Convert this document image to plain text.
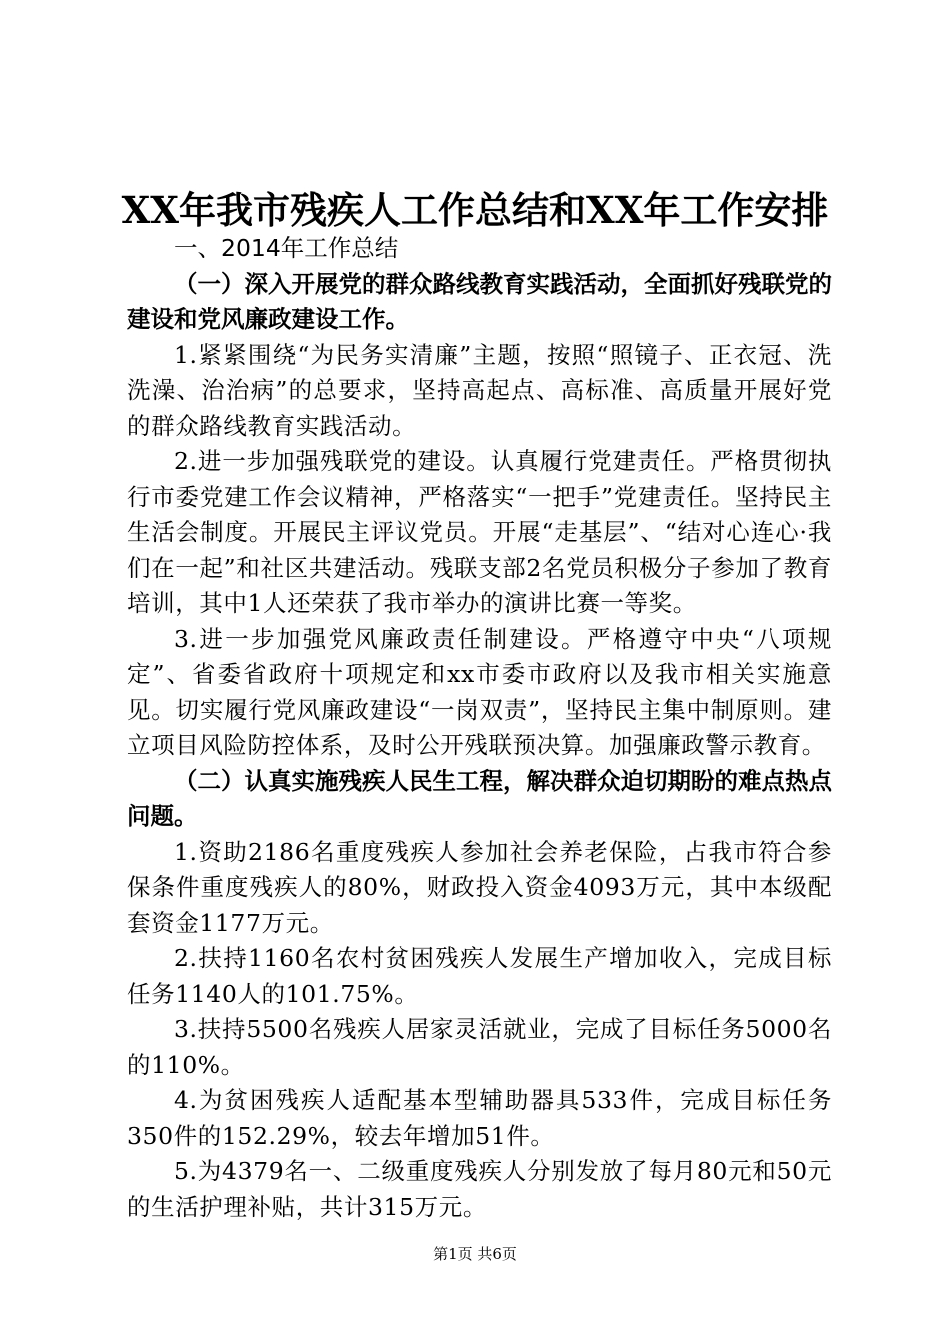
XX年我市残疾人工作总结和XX年工作安排

一、2014年工作总结

（一）深入开展党的群众路线教育实践活动，全面抓好残联党的建设和党风廉政建设工作。

1.紧紧围绕“为民务实清廉”主题，按照“照镜子、正衣冠、洗洗澡、治治病”的总要求，坚持高起点、高标准、高质量开展好党的群众路线教育实践活动。

2.进一步加强残联党的建设。认真履行党建责任。严格贯彻执行市委党建工作会议精神，严格落实“一把手”党建责任。坚持民主生活会制度。开展民主评议党员。开展“走基层”、“结对心连心·我们在一起”和社区共建活动。残联支部2名党员积极分子参加了教育培训，其中1人还荣获了我市举办的演讲比赛一等奖。

3.进一步加强党风廉政责任制建设。严格遵守中央“八项规定”、省委省政府十项规定和xx市委市政府以及我市相关实施意见。切实履行党风廉政建设“一岗双责”，坚持民主集中制原则。建立项目风险防控体系，及时公开残联预决算。加强廉政警示教育。

（二）认真实施残疾人民生工程，解决群众迫切期盼的难点热点问题。

1.资助2186名重度残疾人参加社会养老保险，占我市符合参保条件重度残疾人的80%，财政投入资金4093万元，其中本级配套资金1177万元。

2.扶持1160名农村贫困残疾人发展生产增加收入，完成目标任务1140人的101.75%。

3.扶持5500名残疾人居家灵活就业，完成了目标任务5000名的110%。

4.为贫困残疾人适配基本型辅助器具533件，完成目标任务350件的152.29%，较去年增加51件。

5.为4379名一、二级重度残疾人分别发放了每月80元和50元的生活护理补贴，共计315万元。

第1页 共6页
